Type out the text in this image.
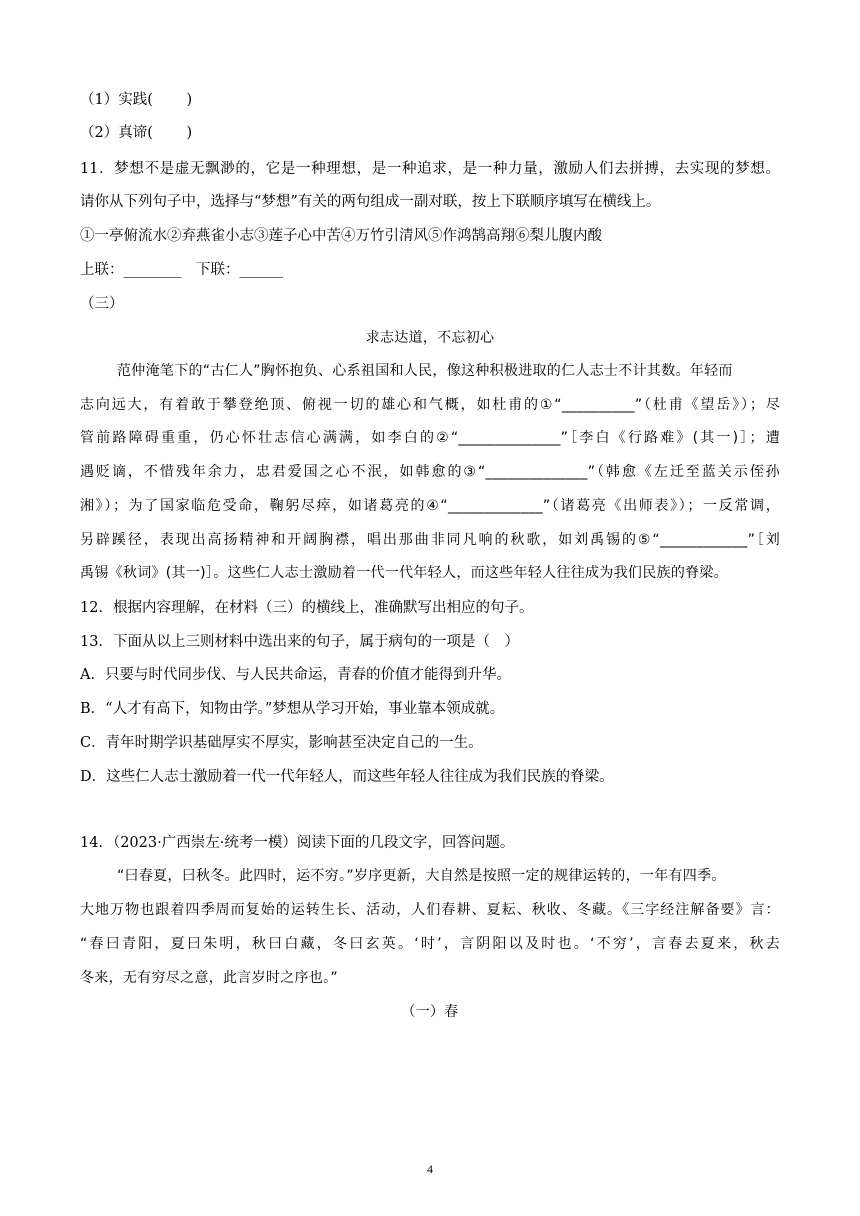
（1）实践(　　 )
（2）真谛(　　 )
11．梦想不是虚无飘渺的，它是一种理想，是一种追求，是一种力量，激励人们去拼搏，去实现的梦想。
请你从下列句子中，选择与“梦想”有关的两句组成一副对联，按上下联顺序填写在横线上。
①一亭俯流水②弃燕雀小志③莲子心中苦④万竹引清风⑤作鸿鹄高翔⑥梨儿腹内酸
上联：________　下联：______
（三）
求志达道，不忘初心
范仲淹笔下的“古仁人”胸怀抱负、心系祖国和人民，像这种积极进取的仁人志士不计其数。年轻而
志向远大，有着敢于攀登绝顶、俯视一切的雄心和气概，如杜甫的①“__________”（杜甫《望岳》）；尽
管前路障碍重重，仍心怀壮志信心满满，如李白的②“______________”［李白《行路难》(其一)］；遭
遇贬谪，不惜残年余力，忠君爱国之心不泯，如韩愈的③“______________”（韩愈《左迁至蓝关示侄孙
湘》）；为了国家临危受命，鞠躬尽瘁，如诸葛亮的④“_____________”（诸葛亮《出师表》）；一反常调，
另辟蹊径，表现出高扬精神和开阔胸襟，唱出那曲非同凡响的秋歌，如刘禹锡的⑤“____________”［刘
禹锡《秋词》(其一)］。这些仁人志士激励着一代一代年轻人，而这些年轻人往往成为我们民族的脊梁。
12．根据内容理解，在材料（三）的横线上，准确默写出相应的句子。
13．下面从以上三则材料中选出来的句子，属于病句的一项是（　）
A．只要与时代同步伐、与人民共命运，青春的价值才能得到升华。
B．“人才有高下，知物由学。”梦想从学习开始，事业靠本领成就。
C．青年时期学识基础厚实不厚实，影响甚至决定自己的一生。
D．这些仁人志士激励着一代一代年轻人，而这些年轻人往往成为我们民族的脊梁。
14．（2023·广西崇左·统考一模）阅读下面的几段文字，回答问题。
“曰春夏，曰秋冬。此四时，运不穷。”岁序更新，大自然是按照一定的规律运转的，一年有四季。
大地万物也跟着四季周而复始的运转生长、活动，人们春耕、夏耘、秋收、冬藏。《三字经注解备要》言：
“春曰青阳，夏曰朱明，秋曰白藏，冬曰玄英。‘时’，言阴阳以及时也。‘不穷’，言春去夏来，秋去
冬来，无有穷尽之意，此言岁时之序也。”
（一）春
4
